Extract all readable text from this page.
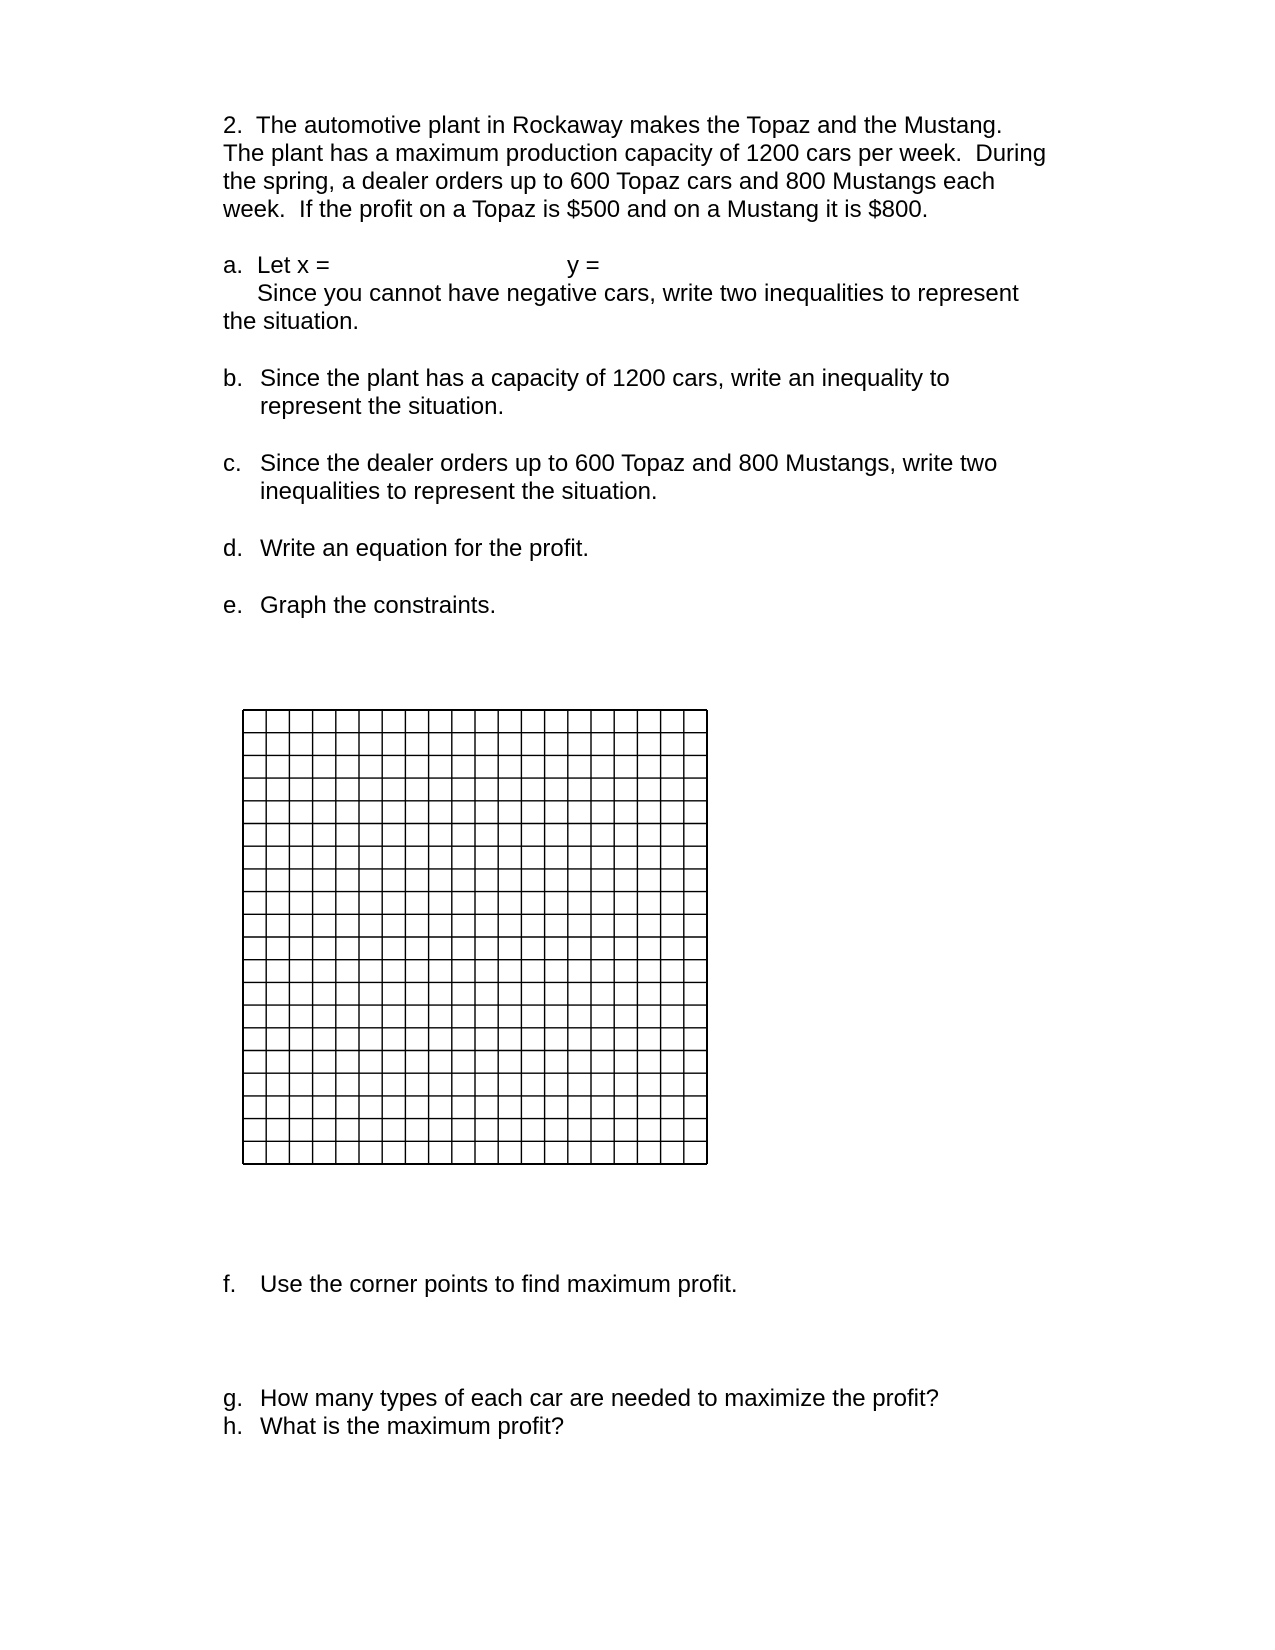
2. The automotive plant in Rockaway makes the Topaz and the Mustang.

The plant has a maximum production capacity of 1200 cars per week.  During

the spring, a dealer orders up to 600 Topaz cars and 800 Mustangs each

week.  If the profit on a Topaz is $500 and on a Mustang it is $800.

a. Let x =	y =

Since you cannot have negative cars, write two inequalities to represent

the situation.

b. Since the plant has a capacity of 1200 cars, write an inequality to

represent the situation.

c. Since the dealer orders up to 600 Topaz and 800 Mustangs, write two

inequalities to represent the situation.

d. Write an equation for the profit.

e. Graph the constraints.

f. Use the corner points to find maximum profit.

g. How many types of each car are needed to maximize the profit?

h. What is the maximum profit?
